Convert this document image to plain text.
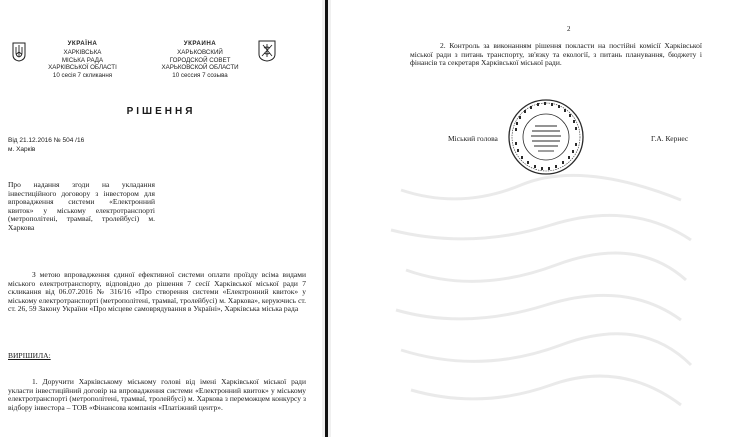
УКРАЇНА
ХАРКІВСЬКА
МІСЬКА РАДА
ХАРКІВСЬКОЇ ОБЛАСТІ
10 сесія 7 скликання
УКРАИНА
ХАРЬКОВСКИЙ
ГОРОДСКОЙ СОВЕТ
ХАРЬКОВСКОЙ ОБЛАСТИ
10 сессия 7 созыва
РІШЕННЯ
Від 21.12.2016 № 504 /16
м. Харків
Про надання згоди на укладання інвестиційного договору з інвестором для впровадження системи «Електронний квиток» у міському електротранспорті (метрополітені, трамваї, тролейбусі) м. Харкова
З метою впровадження єдиної ефективної системи оплати проїзду всіма видами міського електротранспорту, відповідно до рішення 7 сесії Харківської міської ради 7 скликання від 06.07.2016 № 316/16 «Про створення системи «Електронний квиток» у міському електротранспорті (метрополітені, трамваї, тролейбусі) м. Харкова», керуючись ст. ст. 26, 59 Закону України «Про місцеве самоврядування в Україні», Харківська міська рада
ВИРІШИЛА:
1. Доручити Харківському міському голові від імені Харківської міської ради укласти інвестиційний договір на впровадження системи «Електронний квиток» у міському електротранспорті (метрополітені, трамваї, тролейбусі) м. Харкова з переможцем конкурсу з відбору інвестора – ТОВ «Фінансова компанія «Платіжний центр».
2
2. Контроль за виконанням рішення покласти на постійні комісії Харківської міської ради з питань транспорту, зв'язку та екології, з питань планування, бюджету і фінансів та секретаря Харківської міської ради.
Міський голова	Г.А. Кернес
